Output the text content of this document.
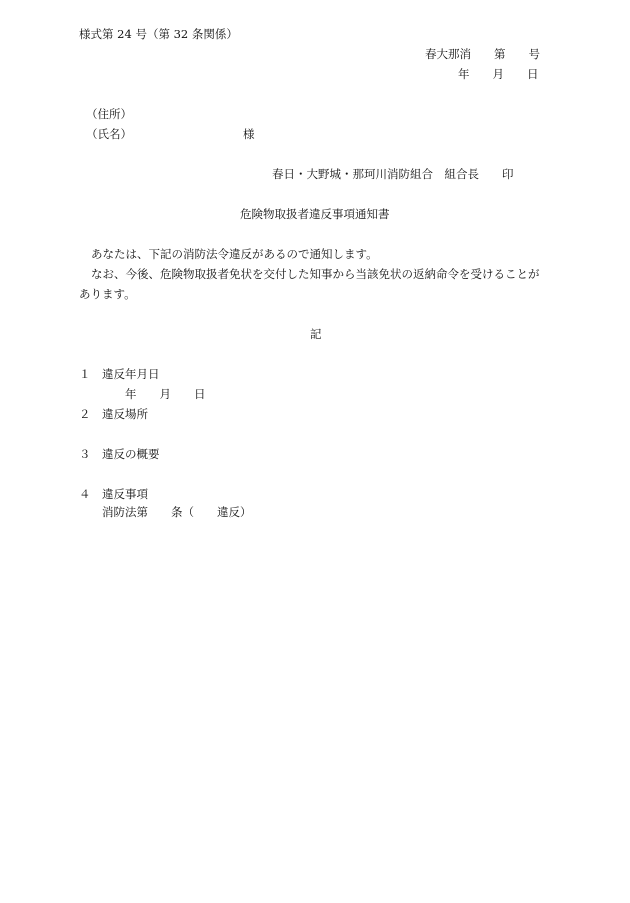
様式第 24 号（第 32 条関係）
春大那消　　第　　号
年　　月　　日
（住所）
（氏名）	様
春日・大野城・那珂川消防組合　組合長　　印
危険物取扱者違反事項通知書
あなたは、下記の消防法令違反があるので通知します。
なお、今後、危険物取扱者免状を交付した知事から当該免状の返納命令を受けることが
あります。
記
１ 違反年月日
年　　月　　日
２ 違反場所
３ 違反の概要
４ 違反事項
消防法第　　条（　　違反）
